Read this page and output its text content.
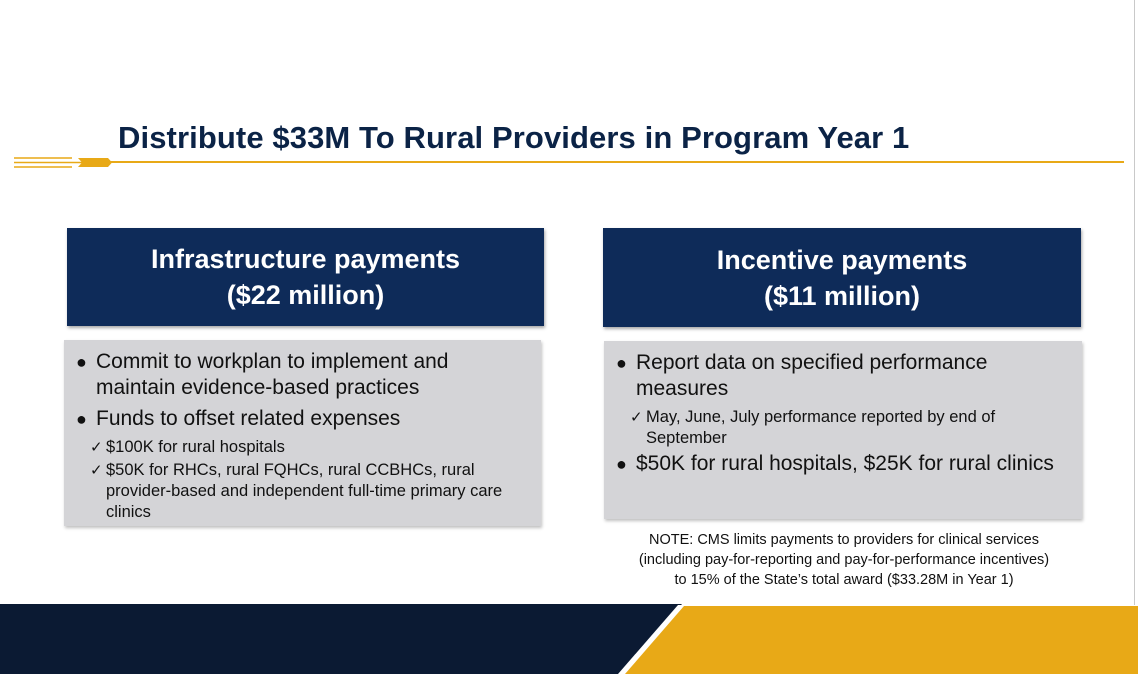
Distribute $33M To Rural Providers in Program Year 1
Infrastructure payments
($22 million)
● Commit to workplan to implement and maintain evidence-based practices
● Funds to offset related expenses
✓ $100K for rural hospitals
✓ $50K for RHCs, rural FQHCs, rural CCBHCs, rural provider-based and independent full-time primary care clinics
Incentive payments
($11 million)
● Report data on specified performance measures
✓ May, June, July performance reported by end of September
● $50K for rural hospitals, $25K for rural clinics
NOTE: CMS limits payments to providers for clinical services
(including pay-for-reporting and pay-for-performance incentives)
to 15% of the State’s total award ($33.28M in Year 1)
